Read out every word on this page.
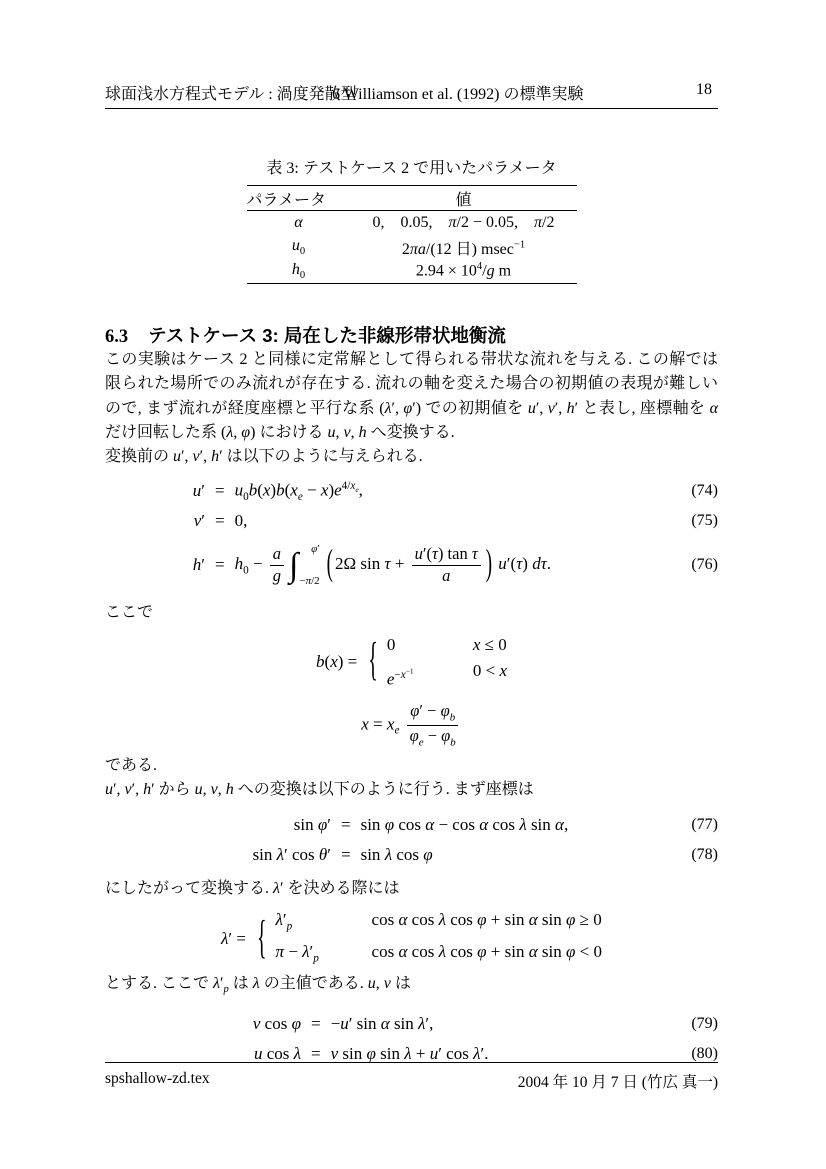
球面浅水方程式モデル : 渦度発散型
6 Williamson et al. (1992) の標準実験	18
表 3: テストケース 2 で用いたパラメータ
パラメータ	値
α	0,   0.05,   π/2 − 0.05,   π/2
$u_0$	2πa/(12 日) msec$^{-1}$
$h_0$	$2.94 \times 10^4/g$ m
6.3 テストケース 3: 局在した非線形帯状地衡流

この実験はケース 2 と同様に定常解として得られる帯状な流れを与える. この解では限られた場所でのみ流れが存在する. 流れの軸を変えた場合の初期値の表現が難しいので, まず流れが経度座標と平行な系 (λ′, φ′) での初期値を u′, v′, h′ と表し, 座標軸を α だけ回転した系 (λ, φ) における u, v, h へ変換する.

変換前の u′, v′, h′ は以下のように与えられる.

$u' = u_0b(x)b(x_e - x)e^{4/x_e}$,	(74)
v′ = 0,	(75)
$h' = h_0 - \frac{a}{g}$ ∫ φ′
−π/2 ( 2Ω $\sin \tau + \frac{\text{u′(τ) tan τ}}{a}$ ) u′(τ) dτ.	(76)

ここで

b(x) = { 0	x ≤ 0
$e^{-x^{-1}}$	0 < x
$x = x_e \frac{\varphi' - \varphi_b}{\varphi_e - \varphi_b}$

である.

u′, v′, h′ から u, v, h への変換は以下のように行う. まず座標は

sin φ′ = sin φ cos α − cos α cos λ sin α,	(77)
sin λ′ cos θ′ = sin λ cos φ	(78)

にしたがって変換する. λ′ を決める際には

λ′ = { $\lambda'_p$	cos α cos λ cos φ + sin α sin φ ≥ 0
$\pi - \lambda'_p$	cos α cos λ cos φ + sin α sin φ < 0

とする. ここで $\lambda'_p$ は λ の主値である. u, v は

v cos φ = −u′ sin α sin λ′,	(79)
u cos λ = v sin φ sin λ + u′ cos λ′.	(80)
spshallow-zd.tex	2004 年 10 月 7 日 (竹広 真一)
